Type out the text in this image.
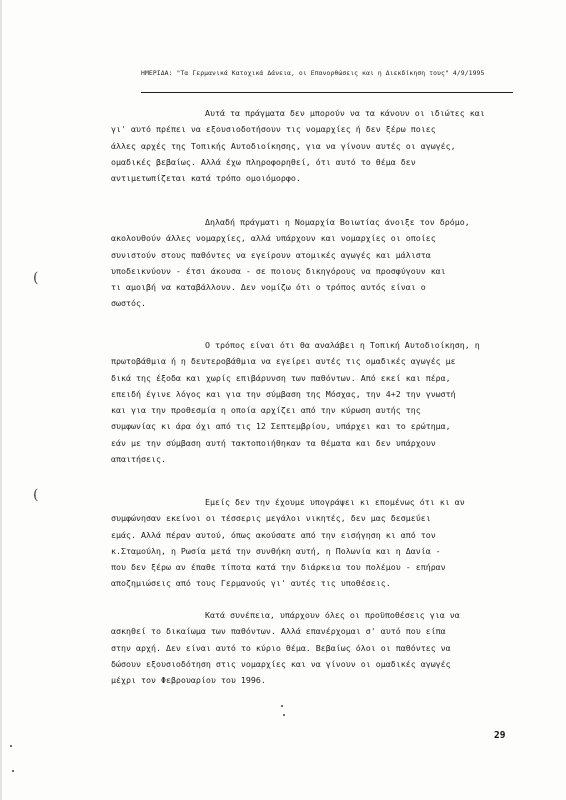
ΗΜΕΡΙΔΑ: "Τα Γερμανικά Κατοχικά Δάνεια, οι Επανορθώσεις και η Διεκδίκηση τους" 4/9/1995
Αυτά τα πράγματα δεν μπορούν να τα κάνουν οι ιδιώτες και
γι' αυτό πρέπει να εξουσιοδοτήσουν τις νομαρχίες ή δεν ξέρω ποιες
άλλες αρχές της Τοπικής Αυτοδιοίκησης, για να γίνουν αυτές οι αγωγές,
ομαδικές βεβαίως. Αλλά έχω πληροφορηθεί, ότι αυτό το θέμα δεν
αντιμετωπίζεται κατά τρόπο ομοιόμορφο.
Δηλαδή πράγματι η Νομαρχία Βοιωτίας άνοιξε τον δρόμο,
ακολουθούν άλλες νομαρχίες, αλλά υπάρχουν και νομαρχίες οι οποίες
συνιστούν στους παθόντες να εγείρουν ατομικές αγωγές και μάλιστα
υποδεικνύουν - έτσι άκουσα - σε ποιους δικηγόρους να προσφύγουν και
τι αμοιβή να καταβάλλουν. Δεν νομίζω ότι ο τρόπος αυτός είναι ο
σωστός.
Ο τρόπος είναι ότι θα αναλάβει η Τοπική Αυτοδιοίκηση, η
πρωτοβάθμια ή η δευτεροβάθμια να εγείρει αυτές τις ομαδικές αγωγές με
δικά της έξοδα και χωρίς επιβάρυνση των παθόντων. Από εκεί και πέρα,
επειδή έγινε λόγος και για την σύμβαση της Μόσχας, την 4+2 την γνωστή
και για την προθεσμία η οποία αρχίζει από την κύρωση αυτής της
συμφωνίας κι άρα όχι από τις 12 Σεπτεμβρίου, υπάρχει και το ερώτημα,
εάν με την σύμβαση αυτή τακτοποιήθηκαν τα θέματα και δεν υπάρχουν
απαιτήσεις.
Εμείς δεν την έχουμε υπογράψει κι επομένως ότι κι αν
συμφώνησαν εκείνοι οι τέσσερις μεγάλοι νικητές, δεν μας δεσμεύει
εμάς. Αλλά πέραν αυτού, όπως ακούσατε από την εισήγηση κι από τον
κ.Σταμούλη, η Ρωσία μετά την συνθήκη αυτή, η Πολωνία και η Δανία -
που δεν ξέρω αν έπαθε τίποτα κατά την διάρκεια του πολέμου - επήραν
αποζημιώσεις από τους Γερμανούς γι' αυτές τις υποθέσεις.
Κατά συνέπεια, υπάρχουν όλες οι προϋποθέσεις για να
ασκηθεί το δικαίωμα των παθόντων. Αλλά επανέρχομαι σ' αυτό που είπα
στην αρχή. Δεν είναι αυτό το κύριο θέμα. Βεβαίως όλοι οι παθόντες να
δώσουν εξουσιοδότηση στις νομαρχίες και να γίνουν οι ομαδικές αγωγές
μέχρι τον Φεβρουαρίου του 1996.
29
(
(
